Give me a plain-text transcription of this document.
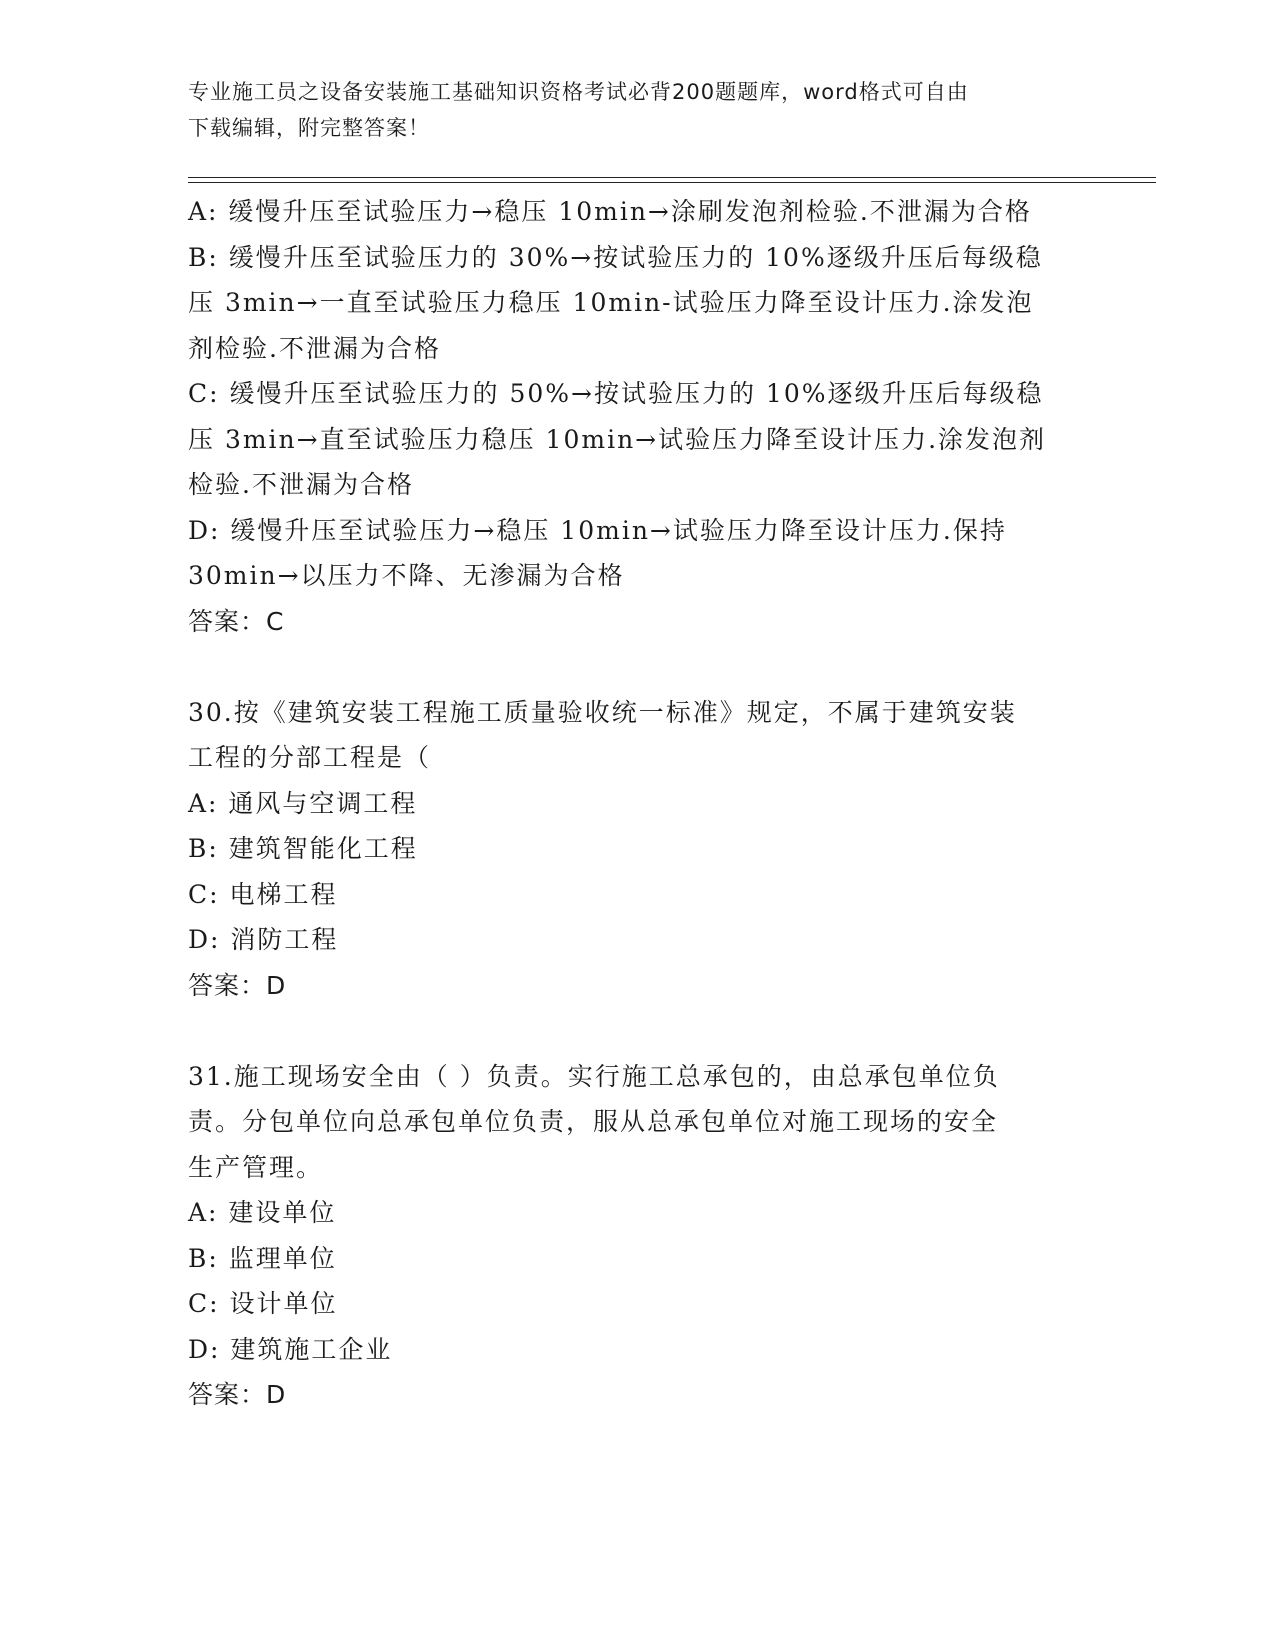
专业施工员之设备安装施工基础知识资格考试必背200题题库，word格式可自由
下载编辑，附完整答案！
A: 缓慢升压至试验压力→稳压 10min→涂刷发泡剂检验.不泄漏为合格
B: 缓慢升压至试验压力的 30%→按试验压力的 10%逐级升压后每级稳
压 3min→一直至试验压力稳压 10min-试验压力降至设计压力.涂发泡
剂检验.不泄漏为合格
C: 缓慢升压至试验压力的 50%→按试验压力的 10%逐级升压后每级稳
压 3min→直至试验压力稳压 10min→试验压力降至设计压力.涂发泡剂
检验.不泄漏为合格
D: 缓慢升压至试验压力→稳压 10min→试验压力降至设计压力.保持
30min→以压力不降、无渗漏为合格
答案：C
30.按《建筑安装工程施工质量验收统一标准》规定，不属于建筑安装
工程的分部工程是（
A: 通风与空调工程
B: 建筑智能化工程
C: 电梯工程
D: 消防工程
答案：D
31.施工现场安全由（ ）负责。实行施工总承包的，由总承包单位负
责。分包单位向总承包单位负责，服从总承包单位对施工现场的安全
生产管理。
A: 建设单位
B: 监理单位
C: 设计单位
D: 建筑施工企业
答案：D
